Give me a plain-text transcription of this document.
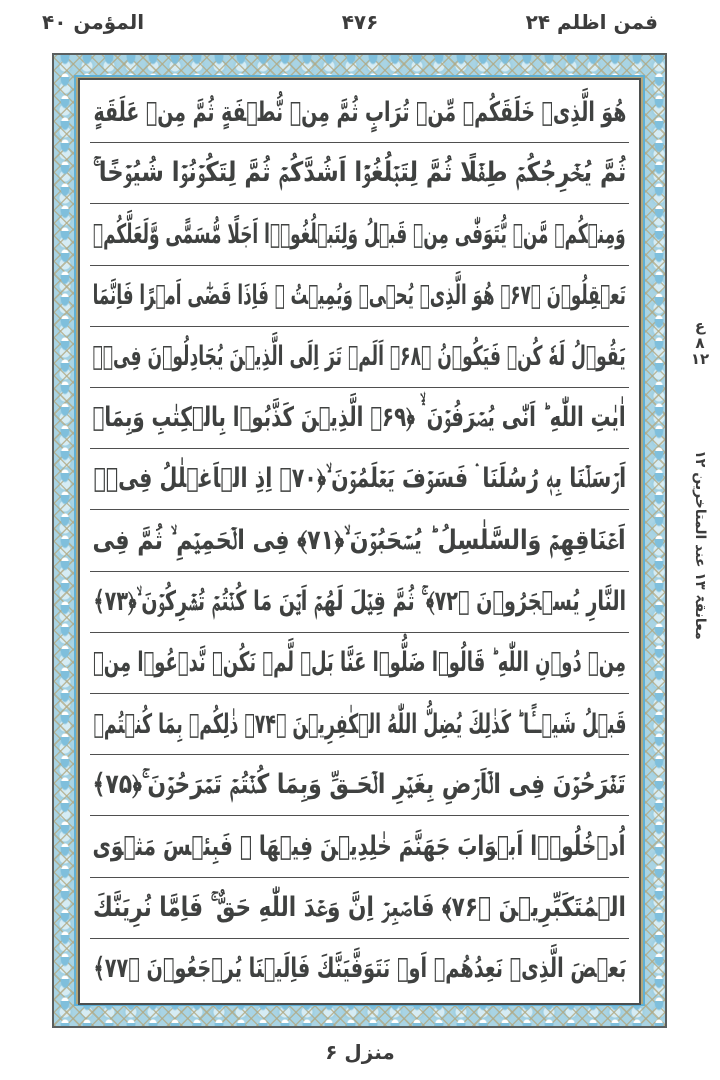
فمن اظلم ۲۴
۴۷۶
المؤمن ۴۰
هُوَ الَّذِىۡ خَلَقَكُمۡ مِّنۡ تُرَابٍ ثُمَّ مِنۡ نُّطۡفَةٍ ثُمَّ مِنۡ عَلَقَةٍ
ثُمَّ يُخۡرِجُكُمۡ طِفۡلًا ثُمَّ لِتَبۡلُغُوۡۤا اَشُدَّكُمۡ ثُمَّ لِتَكُوۡنُوۡا شُيُوۡخًا‌ ۚ
وَمِنۡكُمۡ مَّنۡ يُّتَوَفّٰى مِنۡ قَبۡلُ وَلِتَبۡلُغُوۡۤا اَجَلًا مُّسَمًّى وَّلَعَلَّكُمۡ
تَعۡقِلُوۡنَ ﴿۶۷﴾ هُوَ الَّذِىۡ يُحۡىٖ وَيُمِيۡتُ‌ ۚ فَاِذَا قَضٰٓى اَمۡرًا فَاِنَّمَا
يَقُوۡلُ لَهٗ كُنۡ فَيَكُوۡنُ ﴿۶۸﴾ اَلَمۡ تَرَ اِلَى الَّذِيۡنَ يُجَادِلُوۡنَ فِىۡۤ
اٰيٰتِ اللّٰهِ ؕ اَنّٰى يُصۡرَفُوۡنَ ۛۙ ﴿۶۹﴾ الَّذِيۡنَ كَذَّبُوۡا بِالۡكِتٰبِ وَبِمَاۤ
اَرۡسَلۡنَا بِهٖ رُسُلَنَا ‌ۛ فَسَوۡفَ يَعۡلَمُوۡنَ ۙ﴿۷۰﴾ اِذِ الۡاَغۡلٰلُ فِىۡۤ
اَعۡنَاقِهِمۡ وَالسَّلٰسِلُ ؕ يُسۡحَبُوۡنَ ۙ﴿۷۱﴾ فِى الۡحَمِيۡمِ ۙ ثُمَّ فِى
النَّارِ يُسۡجَرُوۡنَ ﴿۷۲﴾ ۚ ثُمَّ قِيۡلَ لَهُمۡ اَيۡنَ مَا كُنۡتُمۡ تُشۡرِكُوۡنَ ۙ﴿۷۳﴾
مِنۡ دُوۡنِ اللّٰهِ ؕ قَالُوۡا ضَلُّوۡا عَنَّا بَلۡ لَّمۡ نَكُنۡ نَّدۡعُوۡا مِنۡ
قَبۡلُ شَيۡــًٔا ؕ كَذٰلِكَ يُضِلُّ اللّٰهُ الۡكٰفِرِيۡنَ ﴿۷۴﴾ ذٰلِكُمۡ بِمَا كُنۡتُمۡ
تَفۡرَحُوۡنَ فِى الۡاَرۡضِ بِغَيۡرِ الۡحَـقِّ وَبِمَا كُنۡتُمۡ تَمۡرَحُوۡنَ ۚ﴿۷۵﴾
اُدۡخُلُوۡۤا اَبۡوَابَ جَهَنَّمَ خٰلِدِيۡنَ فِيۡهَا‌ ۚ فَبِئۡسَ مَثۡوَى
الۡمُتَكَبِّرِيۡنَ ﴿۷۶﴾ فَاصۡبِرۡ اِنَّ وَعۡدَ اللّٰهِ حَقٌّ ۚ فَاِمَّا نُرِيَنَّكَ
بَعۡضَ الَّذِىۡ نَعِدُهُمۡ اَوۡ نَتَوَفَّيَنَّكَ فَاِلَيۡنَا يُرۡجَعُوۡنَ ﴿۷۷﴾
ع
۸
۱۲
معانقۃ ۱۳ عند المتاخرین ۱۲
منزل ۶
